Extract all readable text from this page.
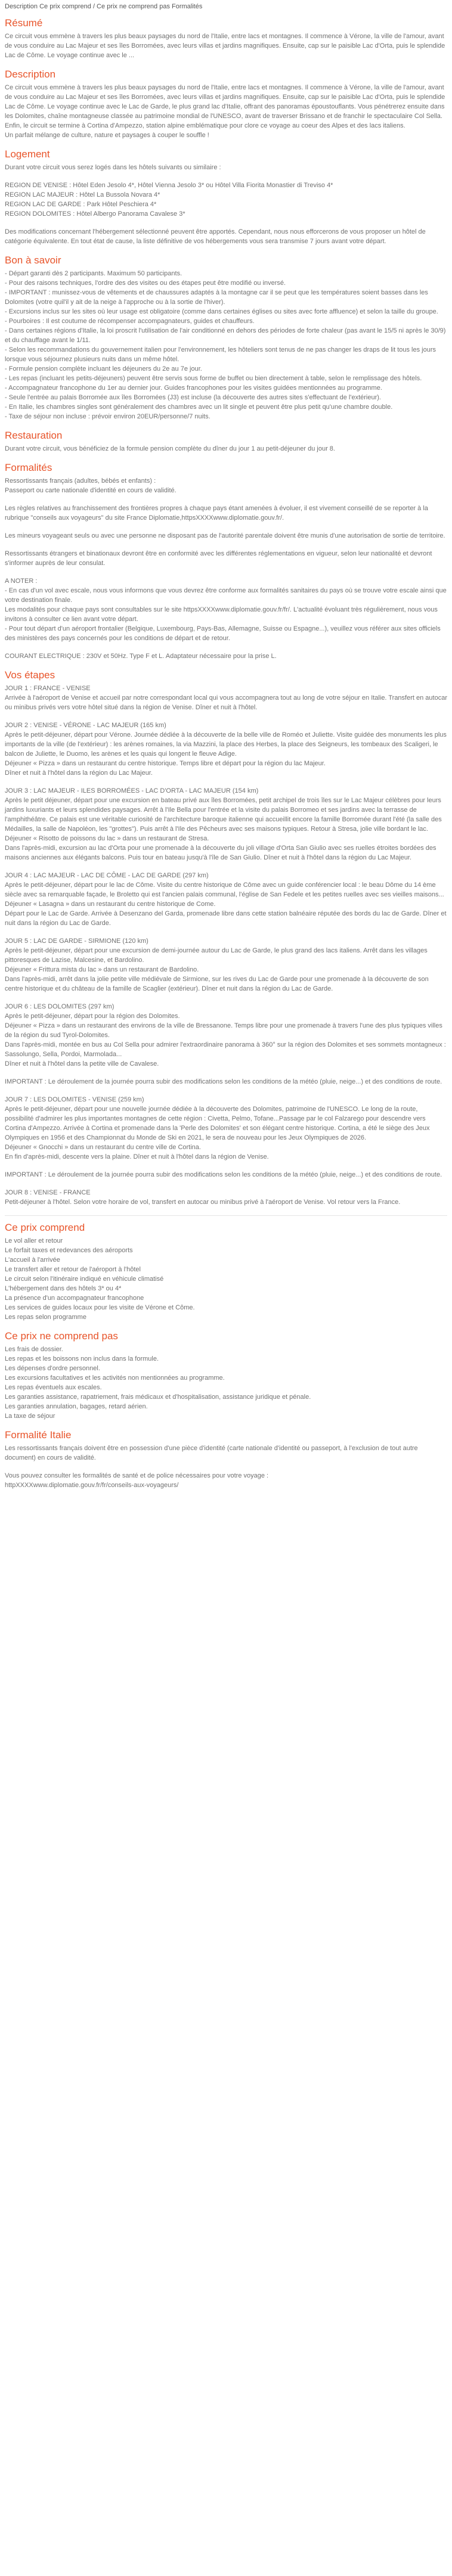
Description Ce prix comprend / Ce prix ne comprend pas Formalités
Résumé
Ce circuit vous emmène à travers les plus beaux paysages du nord de l'Italie, entre lacs et montagnes. Il commence à Vérone, la ville de l'amour, avant de vous conduire au Lac Majeur et ses îles Borromées, avec leurs villas et jardins magnifiques. Ensuite, cap sur le paisible Lac d'Orta, puis le splendide Lac de Côme. Le voyage continue avec le ...
Description
Ce circuit vous emmène à travers les plus beaux paysages du nord de l'Italie, entre lacs et montagnes. Il commence à Vérone, la ville de l'amour, avant de vous conduire au Lac Majeur et ses îles Borromées, avec leurs villas et jardins magnifiques. Ensuite, cap sur le paisible Lac d'Orta, puis le splendide Lac de Côme. Le voyage continue avec le Lac de Garde, le plus grand lac d'Italie, offrant des panoramas époustouflants. Vous pénétrerez ensuite dans les Dolomites, chaîne montagneuse classée au patrimoine mondial de l'UNESCO, avant de traverser Brissano et de franchir le spectaculaire Col Sella. Enfin, le circuit se termine à Cortina d'Ampezzo, station alpine emblématique pour clore ce voyage au coeur des Alpes et des lacs italiens.
Un parfait mélange de culture, nature et paysages à couper le souffle !
Logement
Durant votre circuit vous serez logés dans les hôtels suivants ou similaire :
REGION DE VENISE : Hôtel Eden Jesolo 4*, Hôtel Vienna Jesolo 3* ou Hôtel Villa Fiorita Monastier di Treviso 4*
REGION LAC MAJEUR : Hôtel La Bussola Novara 4*
REGION LAC DE GARDE : Park Hôtel Peschiera 4*
REGION DOLOMITES : Hôtel Albergo Panorama Cavalese 3*
Des modifications concernant l'hébergement sélectionné peuvent être apportés. Cependant, nous nous efforcerons de vous proposer un hôtel de catégorie équivalente. En tout état de cause, la liste définitive de vos hébergements vous sera transmise 7 jours avant votre départ.
Bon à savoir
- Départ garanti dès 2 participants. Maximum 50 participants.
- Pour des raisons techniques, l'ordre des des visites ou des étapes peut être modifié ou inversé.
- IMPORTANT : munissez-vous de vêtements et de chaussures adaptés à la montagne car il se peut que les températures soient basses dans les Dolomites (votre quil'il y ait de la neige à l'approche ou à la sortie de l'hiver).
- Excursions inclus sur les sites où leur usage est obligatoire (comme dans certaines églises ou sites avec forte affluence) et selon la taille du groupe.
- Pourboires : Il est coutume de récompenser accompagnateurs, guides et chauffeurs.
- Dans certaines régions d'Italie, la loi proscrit l'utilisation de l'air conditionné en dehors des périodes de forte chaleur (pas avant le 15/5 ni après le 30/9) et du chauffage avant le 1/11.
- Selon les recommandations du gouvernement italien pour l'environnement, les hôteliers sont tenus de ne pas changer les draps de lit tous les jours lorsque vous séjournez plusieurs nuits dans un même hôtel.
- Formule pension complète incluant les déjeuners du 2e au 7e jour.
- Les repas (incluant les petits-déjeuners) peuvent être servis sous forme de buffet ou bien directement à table, selon le remplissage des hôtels.
- Accompagnateur francophone du 1er au dernier jour. Guides francophones pour les visites guidées mentionnées au programme.
- Seule l'entrée au palais Borromée aux îles Borromées (J3) est incluse (la découverte des autres sites s'effectuant de l'extérieur).
- En Italie, les chambres singles sont généralement des chambres avec un lit single et peuvent être plus petit qu'une chambre double.
- Taxe de séjour non incluse : prévoir environ 20EUR/personne/7 nuits.
Restauration
Durant votre circuit, vous bénéficiez de la formule pension complète du dîner du jour 1 au petit-déjeuner du jour 8.
Formalités
Ressortissants français (adultes, bébés et enfants) :
Passeport ou carte nationale d'identité en cours de validité.
Les règles relatives au franchissement des frontières propres à chaque pays étant amenées à évoluer, il est vivement conseillé de se reporter à la rubrique "conseils aux voyageurs" du site France Diplomatie,httpsXXXXwww.diplomatie.gouv.fr/.
Les mineurs voyageant seuls ou avec une personne ne disposant pas de l'autorité parentale doivent être munis d'une autorisation de sortie de territoire.
Ressortissants étrangers et binationaux devront être en conformité avec les différentes réglementations en vigueur, selon leur nationalité et devront s'informer auprès de leur consulat.
A NOTER :
- En cas d'un vol avec escale, nous vous informons que vous devrez être conforme aux formalités sanitaires du pays où se trouve votre escale ainsi que votre destination finale.
Les modalités pour chaque pays sont consultables sur le site httpsXXXXwww.diplomatie.gouv.fr/fr/. L'actualité évoluant très régulièrement, nous vous invitons à consulter ce lien avant votre départ.
- Pour tout départ d'un aéroport frontalier (Belgique, Luxembourg, Pays-Bas, Allemagne, Suisse ou Espagne...), veuillez vous référer aux sites officiels des ministères des pays concernés pour les conditions de départ et de retour.
COURANT ELECTRIQUE : 230V et 50Hz. Type F et L. Adaptateur nécessaire pour la prise L.
Vos étapes
JOUR 1 : FRANCE - VENISE
Arrivée à l'aéroport de Venise et accueil par notre correspondant local qui vous accompagnera tout au long de votre séjour en Italie. Transfert en autocar ou minibus privés vers votre hôtel situé dans la région de Venise. Dîner et nuit à l'hôtel.
JOUR 2 : VENISE - VÉRONE - LAC MAJEUR (165 km)
Après le petit-déjeuner, départ pour Vérone. Journée dédiée à la découverte de la belle ville de Roméo et Juliette. Visite guidée des monuments les plus importants de la ville (de l'extérieur) : les arènes romaines, la via Mazzini, la place des Herbes, la place des Seigneurs, les tombeaux des Scaligeri, le balcon de Juliette, le Duomo, les arènes et les quais qui longent le fleuve Adige.
Déjeuner « Pizza » dans un restaurant du centre historique. Temps libre et départ pour la région du lac Majeur.
Dîner et nuit à l'hôtel dans la région du Lac Majeur.
JOUR 3 : LAC MAJEUR - ILES BORROMÉES - LAC D'ORTA - LAC MAJEUR (154 km)
Après le petit déjeuner, départ pour une excursion en bateau privé aux îles Borromées, petit archipel de trois îles sur le Lac Majeur célèbres pour leurs jardins luxuriants et leurs splendides paysages. Arrêt à l'Ile Bella pour l'entrée et la visite du palais Borromeo et ses jardins avec la terrasse de l'amphithéâtre. Ce palais est une véritable curiosité de l'architecture baroque italienne qui accueillit encore la famille Borromée durant l'été (la salle des Médailles, la salle de Napoléon, les "grottes"). Puis arrêt à l'Ile des Pêcheurs avec ses maisons typiques. Retour à Stresa, jolie ville bordant le lac.
Déjeuner « Risotto de poissons du lac » dans un restaurant de Stresa.
Dans l'après-midi, excursion au lac d'Orta pour une promenade à la découverte du joli village d'Orta San Giulio avec ses ruelles étroites bordées des maisons anciennes aux élégants balcons. Puis tour en bateau jusqu'à l'île de San Giulio. Dîner et nuit à l'hôtel dans la région du Lac Majeur.
JOUR 4 : LAC MAJEUR - LAC DE CÔME - LAC DE GARDE (297 km)
Après le petit-déjeuner, départ pour le lac de Côme. Visite du centre historique de Côme avec un guide conférencier local : le beau Dôme du 14 ème siècle avec sa remarquable façade, le Broletto qui est l'ancien palais communal, l'église de San Fedele et les petites ruelles avec ses vieilles maisons...
Déjeuner « Lasagna » dans un restaurant du centre historique de Come.
Départ pour le Lac de Garde. Arrivée à Desenzano del Garda, promenade libre dans cette station balnéaire réputée des bords du lac de Garde. Dîner et nuit dans la région du Lac de Garde.
JOUR 5 : LAC DE GARDE - SIRMIONE (120 km)
Après le petit-déjeuner, départ pour une excursion de demi-journée autour du Lac de Garde, le plus grand des lacs italiens. Arrêt dans les villages pittoresques de Lazise, Malcesine, et Bardolino.
Déjeuner « Frittura mista du lac » dans un restaurant de Bardolino.
Dans l'après-midi, arrêt dans la jolie petite ville médiévale de Sirmione, sur les rives du Lac de Garde pour une promenade à la découverte de son centre historique et du château de la famille de Scaglier (extérieur). Dîner et nuit dans la région du Lac de Garde.
JOUR 6 : LES DOLOMITES (297 km)
Après le petit-déjeuner, départ pour la région des Dolomites.
Déjeuner « Pizza » dans un restaurant des environs de la ville de Bressanone. Temps libre pour une promenade à travers l'une des plus typiques villes de la région du sud Tyrol-Dolomites.
Dans l'après-midi, montée en bus au Col Sella pour admirer l'extraordinaire panorama à 360° sur la région des Dolomites et ses sommets montagneux : Sassolungo, Sella, Pordoi, Marmolada...
Dîner et nuit à l'hôtel dans la petite ville de Cavalese.
IMPORTANT : Le déroulement de la journée pourra subir des modifications selon les conditions de la météo (pluie, neige...) et des conditions de route.
JOUR 7 : LES DOLOMITES - VENISE (259 km)
Après le petit-déjeuner, départ pour une nouvelle journée dédiée à la découverte des Dolomites, patrimoine de l'UNESCO. Le long de la route, possibilité d'admirer les plus importantes montagnes de cette région : Civetta, Pelmo, Tofane...Passage par le col Falzarego pour descendre vers Cortina d'Ampezzo. Arrivée à Cortina et promenade dans la 'Perle des Dolomites' et son élégant centre historique. Cortina, a été le siège des Jeux Olympiques en 1956 et des Championnat du Monde de Ski en 2021, le sera de nouveau pour les Jeux Olympiques de 2026.
Déjeuner « Gnocchi » dans un restaurant du centre ville de Cortina.
En fin d'après-midi, descente vers la plaine. Dîner et nuit à l'hôtel dans la région de Venise.
IMPORTANT : Le déroulement de la journée pourra subir des modifications selon les conditions de la météo (pluie, neige...) et des conditions de route.
JOUR 8 : VENISE - FRANCE
Petit-déjeuner à l'hôtel. Selon votre horaire de vol, transfert en autocar ou minibus privé à l'aéroport de Venise. Vol retour vers la France.
Ce prix comprend
Le vol aller et retour
Le forfait taxes et redevances des aéroports
L'accueil à l'arrivée
Le transfert aller et retour de l'aéroport à l'hôtel
Le circuit selon l'itinéraire indiqué en véhicule climatisé
L'hébergement dans des hôtels 3* ou 4*
La présence d'un accompagnateur francophone
Les services de guides locaux pour les visite de Vérone et Côme.
Les repas selon programme
Ce prix ne comprend pas
Les frais de dossier.
Les repas et les boissons non inclus dans la formule.
Les dépenses d'ordre personnel.
Les excursions facultatives et les activités non mentionnées au programme.
Les repas éventuels aux escales.
Les garanties assistance, rapatriement, frais médicaux et d'hospitalisation, assistance juridique et pénale.
Les garanties annulation, bagages, retard aérien.
La taxe de séjour
Formalité Italie
Les ressortissants français doivent être en possession d'une pièce d'identité (carte nationale d'identité ou passeport, à l'exclusion de tout autre document) en cours de validité.
Vous pouvez consulter les formalités de santé et de police nécessaires pour votre voyage :
httpXXXXwww.diplomatie.gouv.fr/fr/conseils-aux-voyageurs/
